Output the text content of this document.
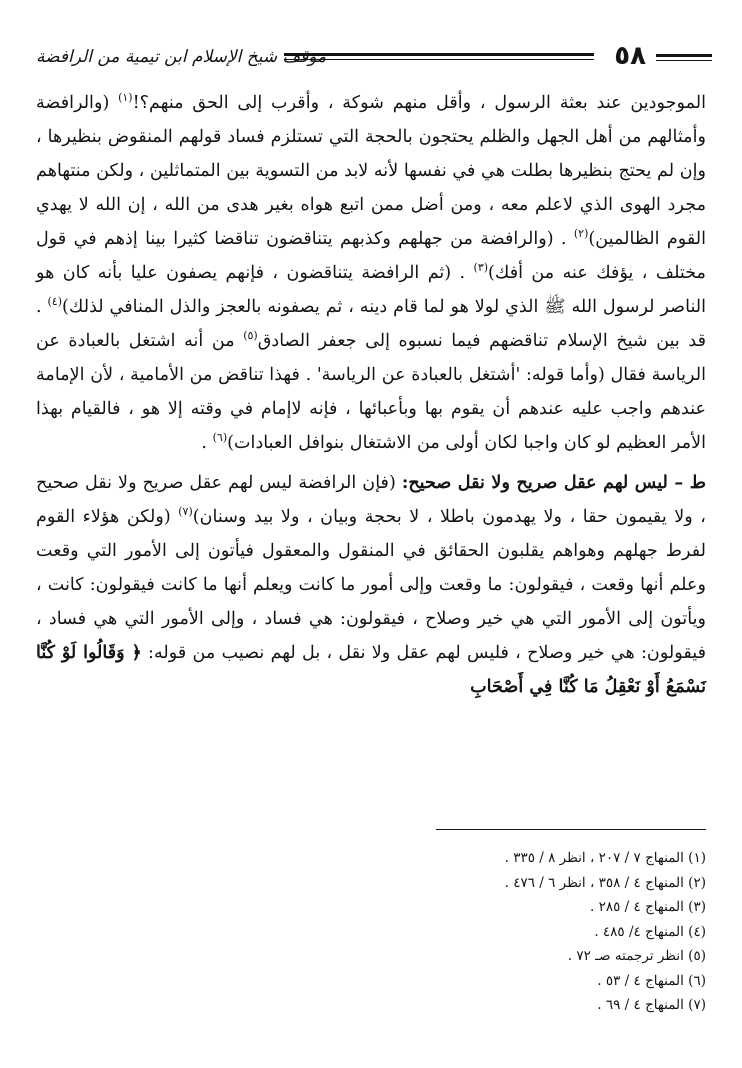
٥٨
موقف شيخ الإسلام ابن تيمية من الرافضة

الموجودين عند بعثة الرسول ، وأقل منهم شوكة ، وأقرب إلى الحق منهم؟!$^{(١)}$ (والرافضة وأمثالهم من أهل الجهل والظلم يحتجون بالحجة التي تستلزم فساد قولهم المنقوض بنظيرها ، وإن لم يحتج بنظيرها بطلت هي في نفسها لأنه لابد من التسوية بين المتماثلين ، ولكن منتهاهم مجرد الهوى الذي لاعلم معه ، ومن أضل ممن اتبع هواه بغير هدى من الله ، إن الله لا يهدي القوم الظالمين)$^{(٢)}$ . (والرافضة من جهلهم وكذبهم يتناقضون تناقضا كثيرا بينا إذهم في قول مختلف ، يؤفك عنه من أفك)$^{(٣)}$ . (ثم الرافضة يتناقضون ، فإنهم يصفون عليا بأنه كان هو الناصر لرسول الله ﷺ الذي لولا هو لما قام دينه ، ثم يصفونه بالعجز والذل المنافي لذلك)$^{(٤)}$ . قد بين شيخ الإسلام تناقضهم فيما نسبوه إلى جعفر الصادق$^{(٥)}$ من أنه اشتغل بالعبادة عن الرياسة فقال (وأما قوله: 'أشتغل بالعبادة عن الرياسة' . فهذا تناقض من الأمامية ، لأن الإمامة عندهم واجب عليه عندهم أن يقوم بها وبأعبائها ، فإنه لاإمام في وقته إلا هو ، فالقيام بهذا الأمر العظيم لو كان واجبا لكان أولى من الاشتغال بنوافل العبادات)$^{(٦)}$ .

ط – ليس لهم عقل صريح ولا نقل صحيح: (فإن الرافضة ليس لهم عقل صريح ولا نقل صحيح ، ولا يقيمون حقا ، ولا يهدمون باطلا ، لا بحجة وبيان ، ولا بيد وسنان)$^{(٧)}$ (ولكن هؤلاء القوم لفرط جهلهم وهواهم يقلبون الحقائق في المنقول والمعقول فيأتون إلى الأمور التي وقعت وعلم أنها وقعت ، فيقولون: ما وقعت وإلى أمور ما كانت ويعلم أنها ما كانت فيقولون: كانت ، ويأتون إلى الأمور التي هي خير وصلاح ، فيقولون: هي فساد ، وإلى الأمور التي هي فساد ، فيقولون: هي خير وصلاح ، فليس لهم عقل ولا نقل ، بل لهم نصيب من قوله: ﴿ وَقَالُوا لَوْ كُنَّا نَسْمَعُ أَوْ نَعْقِلُ مَا كُنَّا فِي أَصْحَابِ

(١) المنهاج ٧ / ٢٠٧ ، انظر ٨ / ٣٣٥ .
(٢) المنهاج ٤ / ٣٥٨ ، انظر ٦ / ٤٧٦ .
(٣) المنهاج ٤ / ٢٨٥ .
(٤) المنهاج ٤/ ٤٨٥ .
(٥) انظر ترجمته صـ ٧٢ .
(٦) المنهاج ٤ / ٥٣ .
(٧) المنهاج ٤ / ٦٩ .
